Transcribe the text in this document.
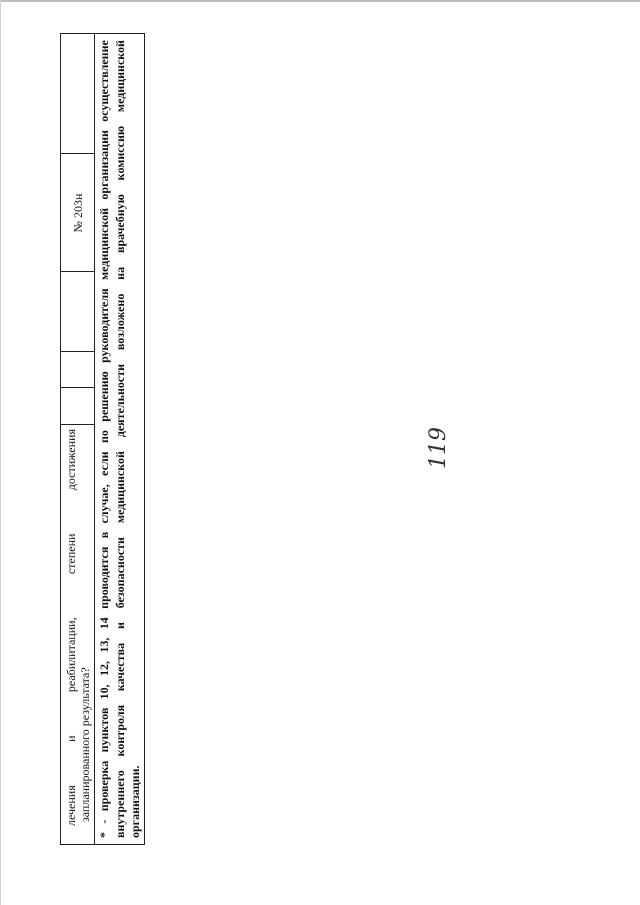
119
лечения
и
реабилитации,
степени
достижения
запланированного результата?
№ 203н
*
-
проверка
пунктов
10,
12,
13,
14
проводится
в
случае,
если
по
решению
руководителя
медицинской
организации
осуществление
внутреннего
контроля
качества
и
безопасности
медицинской
деятельности
возложено
на
врачебную
комиссию
медицинской
организации.
